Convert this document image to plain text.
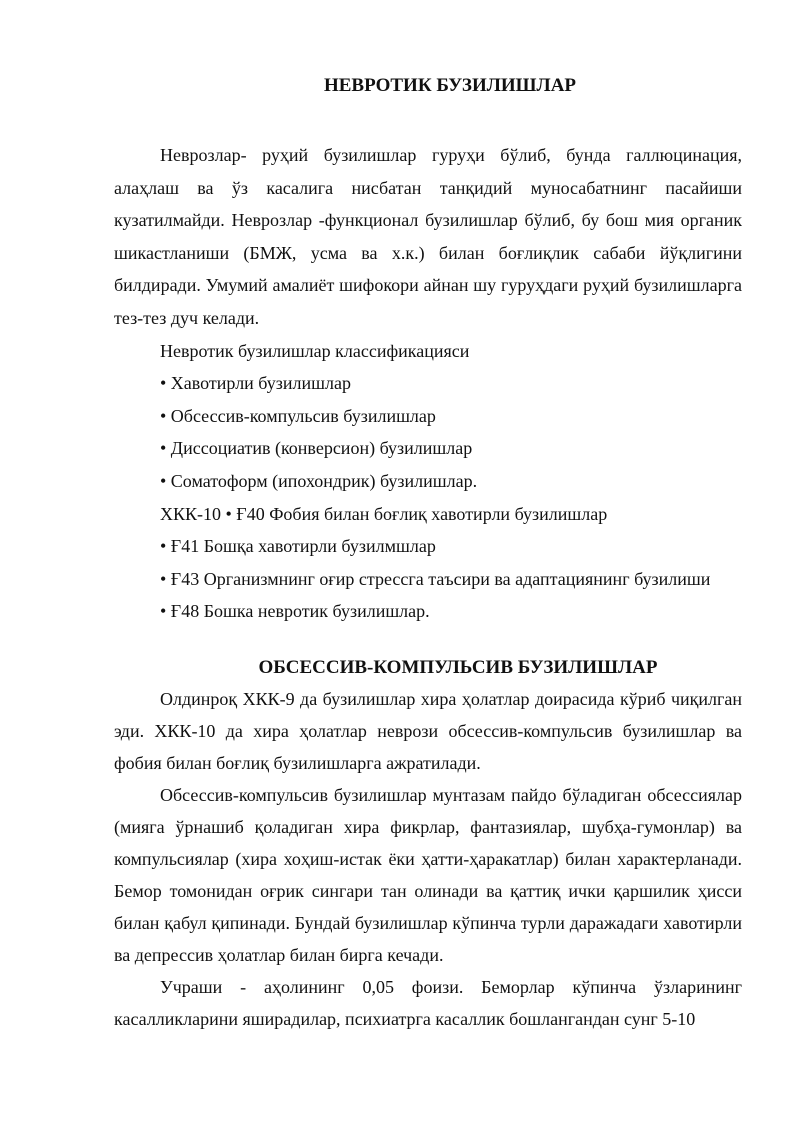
НЕВРОТИК БУЗИЛИШЛАР

Неврозлар- руҳий бузилишлар гуруҳи бўлиб, бунда галлюцинация, алаҳлаш ва ўз касалига нисбатан танқидий муносабатнинг пасайиши кузатилмайди. Неврозлар -функционал бузилишлар бўлиб, бу бош мия органик шикастланиши (БМЖ, усма ва х.к.) билан боғлиқлик сабаби йўқлигини билдиради. Умумий амалиёт шифокори айнан шу гуруҳдаги руҳий бузилишларга тез-тез дуч келади.

Невротик бузилишлар классификацияси

• Хавотирли бузилишлар

• Обсессив-компульсив бузилишлар

• Диссоциатив (конверсион) бузилишлар

• Соматоформ (ипохондрик) бузилишлар.

ХКК-10 • Ғ40 Фобия билан боғлиқ хавотирли бузилишлар

• Ғ41 Бошқа хавотирли бузилмшлар

• Ғ43 Организмнинг оғир стрессга таъсири ва адаптациянинг бузилиши

• Ғ48 Бошка невротик бузилишлар.

ОБСЕССИВ-КОМПУЛЬСИВ БУЗИЛИШЛАР

Олдинроқ ХКК-9 да бузилишлар хира ҳолатлар доирасида кўриб чиқилган эди. ХКК-10 да хира ҳолатлар неврози обсессив-компульсив бузилишлар ва фобия билан боғлиқ бузилишларга ажратилади.

Обсессив-компульсив бузилишлар мунтазам пайдо бўладиган обсессиялар (мияга ўрнашиб қоладиган хира фикрлар, фантазиялар, шубҳа-гумонлар) ва компульсиялар (хира хоҳиш-истак ёки ҳатти-ҳаракатлар) билан характерланади. Бемор томонидан оғрик сингари тан олинади ва қаттиқ ички қаршилик ҳисси билан қабул қипинади. Бундай бузилишлар кўпинча турли даражадаги хавотирли ва депрессив ҳолатлар билан бирга кечади.

Учраши - аҳолининг 0,05 фоизи. Беморлар кўпинча ўзларининг касалликларини яширадилар, психиатрга касаллик бошлангандан сунг 5-10
